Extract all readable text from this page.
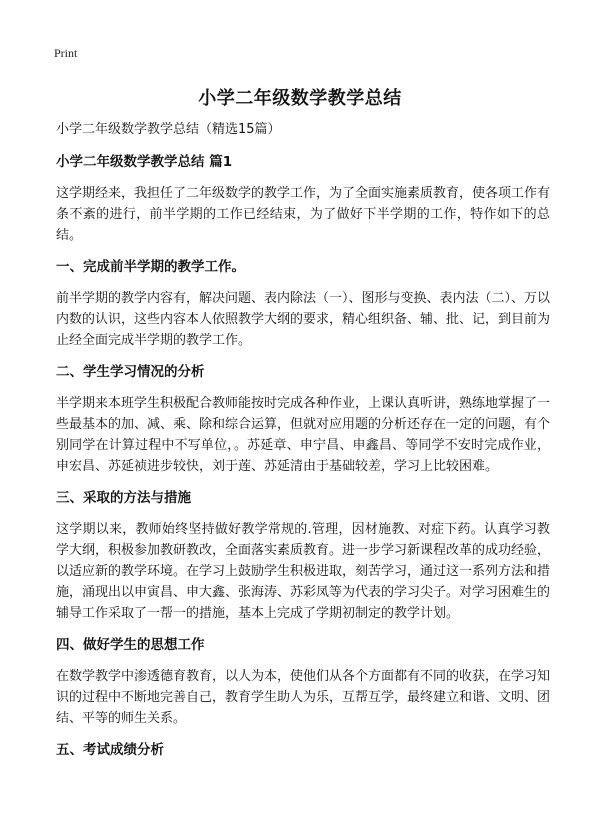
Print
小学二年级数学教学总结
小学二年级数学教学总结（精选15篇）
小学二年级数学教学总结 篇1
这学期经来，我担任了二年级数学的教学工作，为了全面实施素质教育，使各项工作有条不紊的进行，前半学期的工作已经结束，为了做好下半学期的工作，特作如下的总结。
一、完成前半学期的教学工作。
前半学期的教学内容有，解决问题、表内除法（一）、图形与变换、表内法（二）、万以内数的认识，这些内容本人依照教学大纲的要求，精心组织备、辅、批、记，到目前为止经全面完成半学期的教学工作。
二、学生学习情况的分析
半学期来本班学生积极配合教师能按时完成各种作业，上课认真听讲，熟练地掌握了一些最基本的加、减、乘、除和综合运算，但就对应用题的分析还存在一定的问题，有个别同学在计算过程中不写单位，。苏延章、申宁昌、申鑫昌、等同学不安时完成作业，申宏昌、苏延祯进步较快，刘于莲、苏延清由于基础较差，学习上比较困难。
三、采取的方法与措施
这学期以来，教师始终坚持做好教学常规的.管理，因材施教、对症下药。认真学习教学大纲，积极参加教研教改，全面落实素质教育。进一步学习新课程改革的成功经验，以适应新的教学环境。在学习上鼓励学生积极进取，刻苦学习，通过这一系列方法和措施，涌现出以申寅昌、申大鑫、张海涛、苏彩凤等为代表的学习尖子。对学习困难生的辅导工作采取了一帮一的措施，基本上完成了学期初制定的教学计划。
四、做好学生的思想工作
在数学教学中渗透德育教育，以人为本，使他们从各个方面都有不同的收获，在学习知识的过程中不断地完善自己，教育学生助人为乐，互帮互学，最终建立和谐、文明、团结、平等的师生关系。
五、考试成绩分析
